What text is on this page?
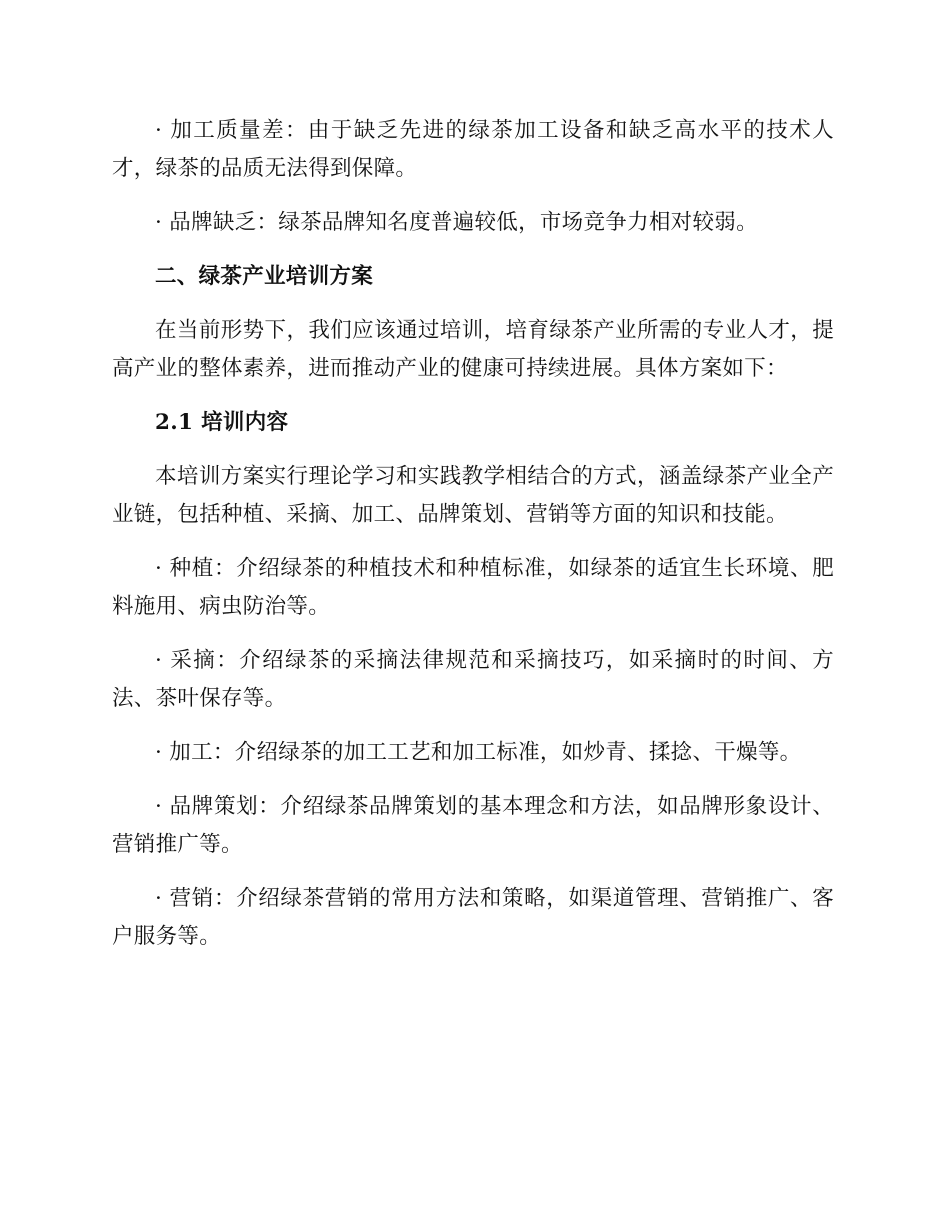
· 加工质量差：由于缺乏先进的绿茶加工设备和缺乏高水平的技术人才，绿茶的品质无法得到保障。

· 品牌缺乏：绿茶品牌知名度普遍较低，市场竞争力相对较弱。

二、绿茶产业培训方案

在当前形势下，我们应该通过培训，培育绿茶产业所需的专业人才，提高产业的整体素养，进而推动产业的健康可持续进展。具体方案如下：

2.1 培训内容

本培训方案实行理论学习和实践教学相结合的方式，涵盖绿茶产业全产业链，包括种植、采摘、加工、品牌策划、营销等方面的知识和技能。

· 种植：介绍绿茶的种植技术和种植标准，如绿茶的适宜生长环境、肥料施用、病虫防治等。

· 采摘：介绍绿茶的采摘法律规范和采摘技巧，如采摘时的时间、方法、茶叶保存等。

· 加工：介绍绿茶的加工工艺和加工标准，如炒青、揉捻、干燥等。

· 品牌策划：介绍绿茶品牌策划的基本理念和方法，如品牌形象设计、营销推广等。

· 营销：介绍绿茶营销的常用方法和策略，如渠道管理、营销推广、客户服务等。
